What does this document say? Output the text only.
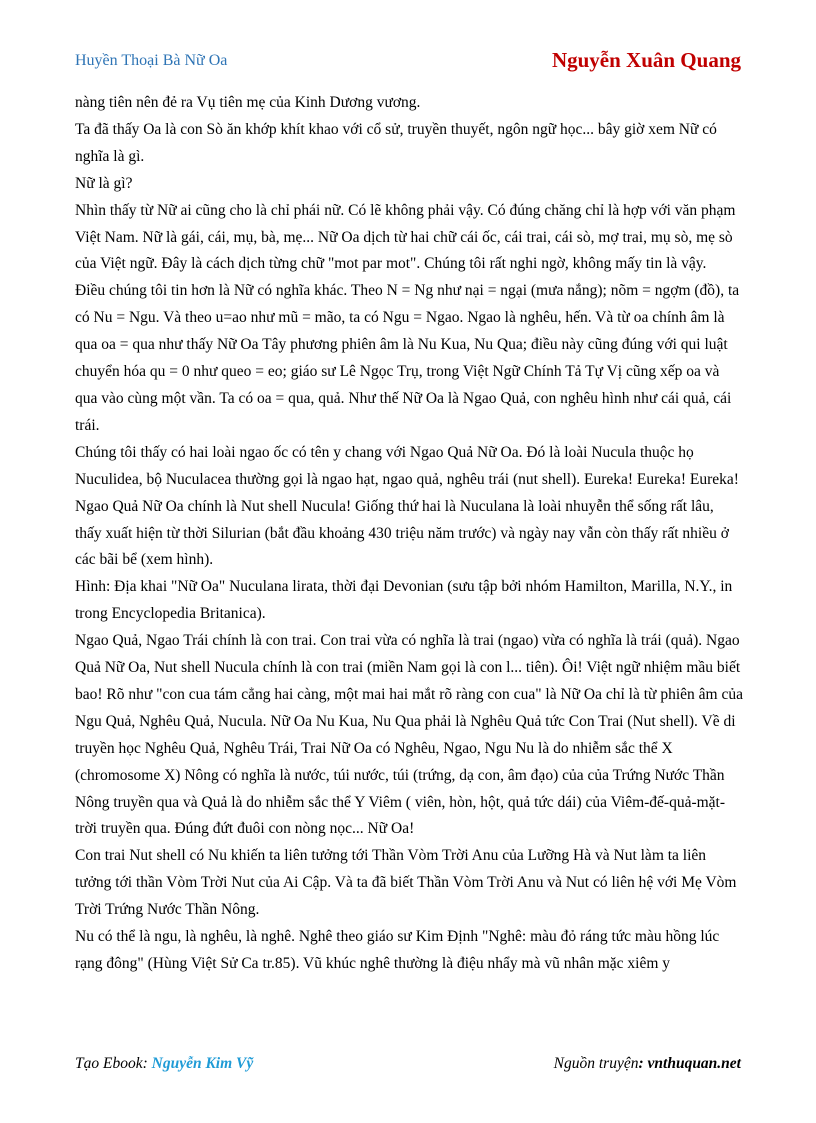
Huyền Thoại Bà Nữ Oa	Nguyễn Xuân Quang

nàng tiên nên đẻ ra Vụ tiên mẹ của Kinh Dương vương.

Ta đã thấy Oa là con Sò ăn khớp khít khao với cổ sử, truyền thuyết, ngôn ngữ học... bây giờ xem Nữ có nghĩa là gì.

Nữ là gì?

Nhìn thấy từ Nữ ai cũng cho là chỉ phái nữ. Có lẽ không phải vậy. Có đúng chăng chỉ là hợp với văn phạm Việt Nam. Nữ là gái, cái, mụ, bà, mẹ... Nữ Oa dịch từ hai chữ cái ốc, cái trai, cái sò, mợ trai, mụ sò, mẹ sò của Việt ngữ. Đây là cách dịch từng chữ "mot par mot". Chúng tôi rất nghi ngờ, không mấy tin là vậy.

Điều chúng tôi tin hơn là Nữ có nghĩa khác. Theo N = Ng như nại = ngại (mưa nắng); nõm = ngợm (đồ), ta có Nu = Ngu. Và theo u=ao như mũ = mão, ta có Ngu = Ngao. Ngao là nghêu, hến. Và từ oa chính âm là qua oa = qua như thấy Nữ Oa Tây phương phiên âm là Nu Kua, Nu Qua; điều này cũng đúng với qui luật chuyển hóa qu = 0 như queo = eo; giáo sư Lê Ngọc Trụ, trong Việt Ngữ Chính Tả Tự Vị cũng xếp oa và qua vào cùng một vần. Ta có oa = qua, quả. Như thế Nữ Oa là Ngao Quả, con nghêu hình như cái quả, cái trái.

Chúng tôi thấy có hai loài ngao ốc có tên y chang với Ngao Quả Nữ Oa. Đó là loài Nucula thuộc họ Nuculidea, bộ Nuculacea thường gọi là ngao hạt, ngao quả, nghêu trái (nut shell). Eureka! Eureka! Eureka! Ngao Quả Nữ Oa chính là Nut shell Nucula! Giống thứ hai là Nuculana là loài nhuyễn thể sống rất lâu, thấy xuất hiện từ thời Silurian (bắt đầu khoảng 430 triệu năm trước) và ngày nay vẫn còn thấy rất nhiều ở các bãi bể (xem hình).

Hình: Địa khai "Nữ Oa" Nuculana lirata, thời đại Devonian (sưu tập bởi nhóm Hamilton, Marilla, N.Y., in trong Encyclopedia Britanica).

Ngao Quả, Ngao Trái chính là con trai. Con trai vừa có nghĩa là trai (ngao) vừa có nghĩa là trái (quả). Ngao Quả Nữ Oa, Nut shell Nucula chính là con trai (miền Nam gọi là con l... tiên). Ôi! Việt ngữ nhiệm mầu biết bao! Rõ như "con cua tám cẳng hai càng, một mai hai mắt rõ ràng con cua" là Nữ Oa chỉ là từ phiên âm của Ngu Quả, Nghêu Quả, Nucula. Nữ Oa Nu Kua, Nu Qua phải là Nghêu Quả tức Con Trai (Nut shell). Về di truyền học Nghêu Quả, Nghêu Trái, Trai Nữ Oa có Nghêu, Ngao, Ngu Nu là do nhiễm sắc thể X (chromosome X) Nông có nghĩa là nước, túi nước, túi (trứng, dạ con, âm đạo) của của Trứng Nước Thần Nông truyền qua và Quả là do nhiễm sắc thể Y Viêm ( viên, hòn, hột, quả tức dái) của Viêm-đế-quả-mặt-trời truyền qua. Đúng đứt đuôi con nòng nọc... Nữ Oa!

Con trai Nut shell có Nu khiến ta liên tưởng tới Thần Vòm Trời Anu của Lưỡng Hà và Nut làm ta liên tưởng tới thần Vòm Trời Nut của Ai Cập. Và ta đã biết Thần Vòm Trời Anu và Nut có liên hệ với Mẹ Vòm Trời Trứng Nước Thần Nông.

Nu có thể là ngu, là nghêu, là nghê. Nghê theo giáo sư Kim Định "Nghê: màu đỏ ráng tức màu hồng lúc rạng đông" (Hùng Việt Sử Ca tr.85). Vũ khúc nghê thường là điệu nhẩy mà vũ nhân mặc xiêm y

Tạo Ebook: Nguyễn Kim Vỹ	Nguồn truyện: vnthuquan.net
